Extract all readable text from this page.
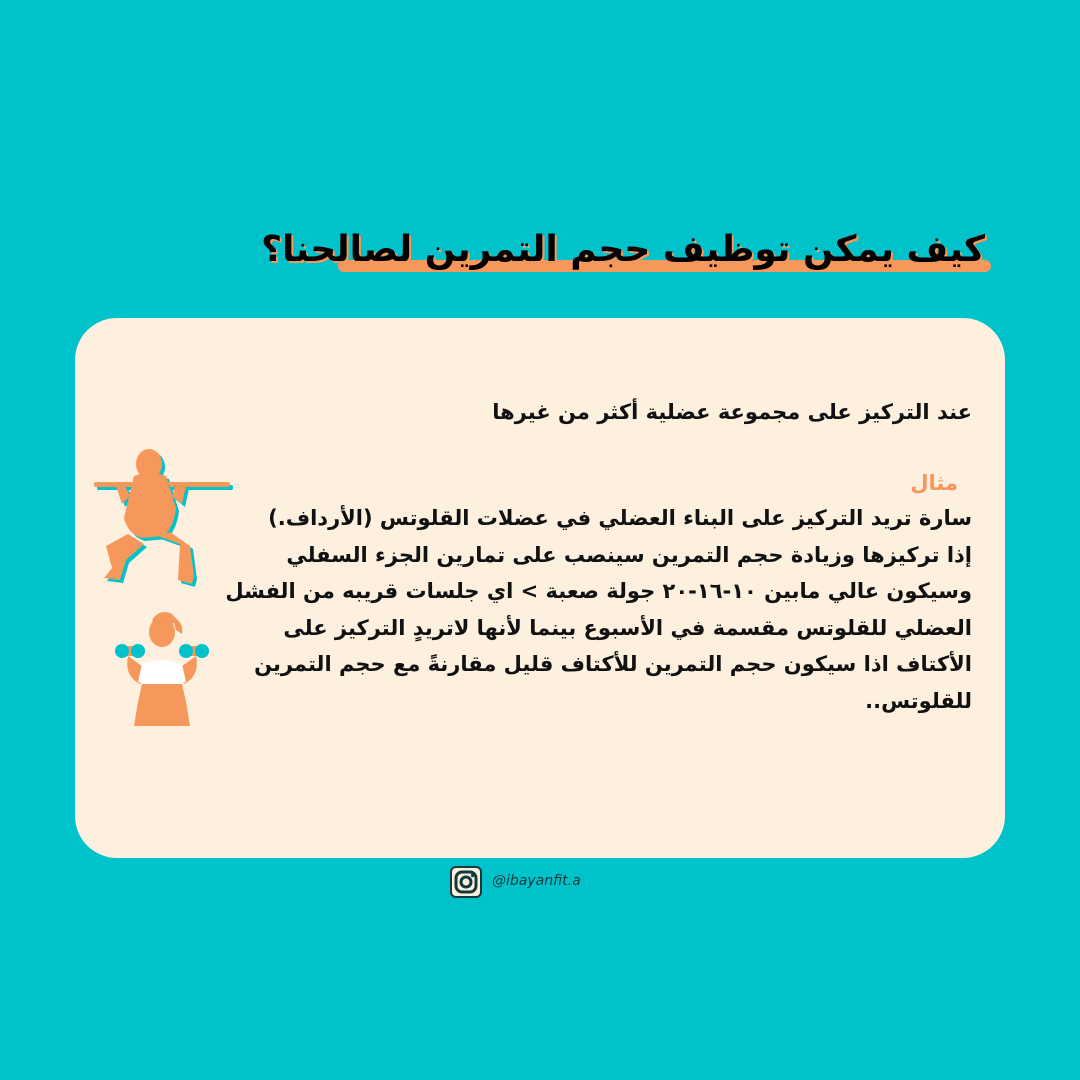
كيف يمكن توظيف حجم التمرين لصالحنا؟
عند التركيز على مجموعة عضلية أكثر من غيرها
مثال
سارة تريد التركيز على البناء العضلي في عضلات القلوتس (الأرداف.)
إذا تركيزها وزيادة حجم التمرين سينصب على تمارين الجزء السفلي
وسيكون عالي مابين ١٠-١٦-٢٠ جولة صعبة > اي جلسات قريبه من الفشل
العضلي للقلوتس مقسمة في الأسبوع بينما لأنها لاتريدٍ التركيز على
الأكتاف اذا سيكون حجم التمرين للأكتاف قليل مقارنةً مع حجم التمرين
للقلوتس..
@ibayanfit.a
